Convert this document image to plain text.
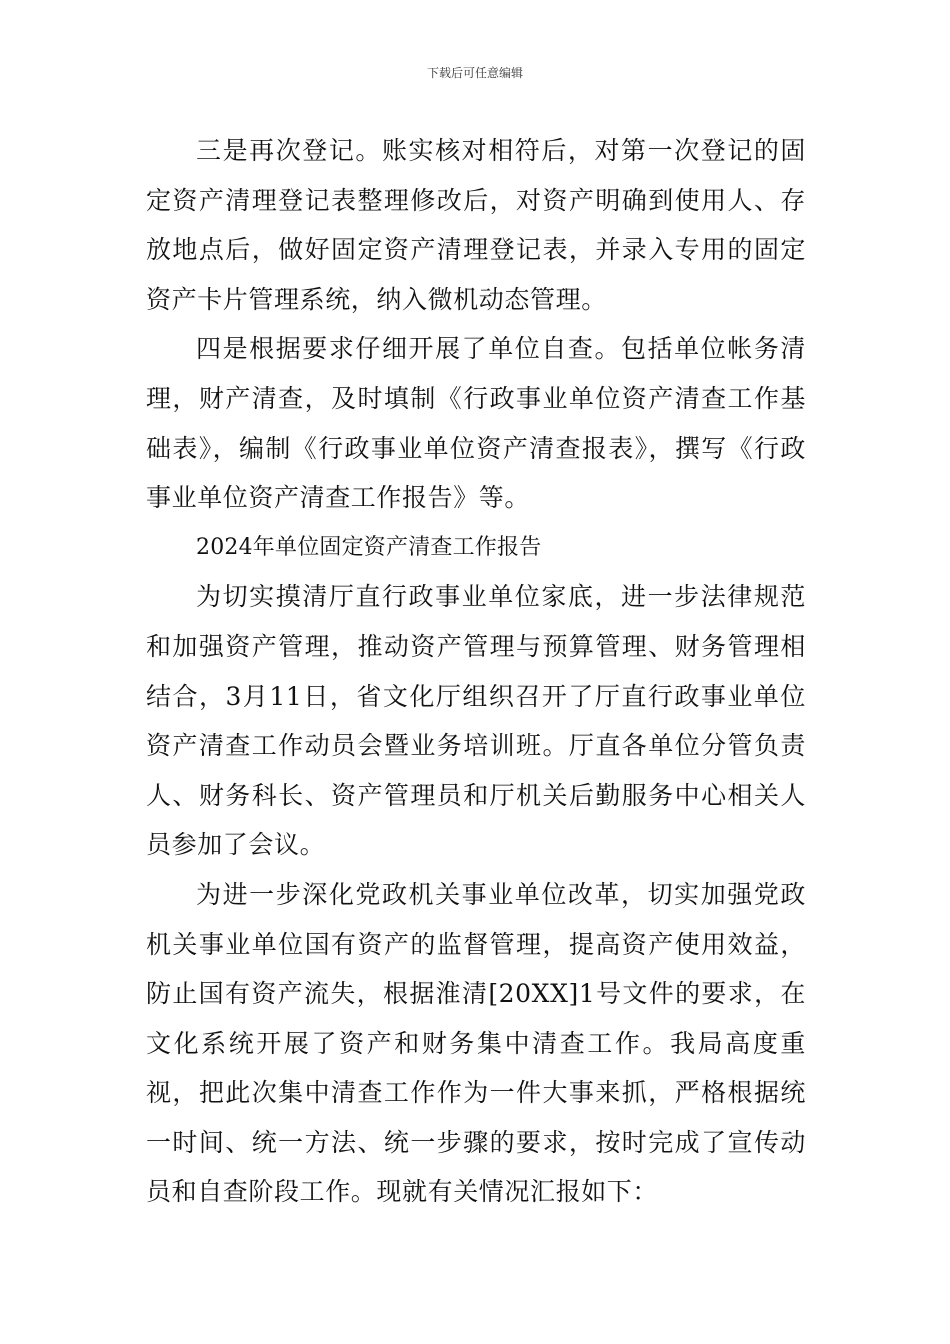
下载后可任意编辑

三是再次登记。账实核对相符后，对第一次登记的固定资产清理登记表整理修改后，对资产明确到使用人、存放地点后，做好固定资产清理登记表，并录入专用的固定资产卡片管理系统，纳入微机动态管理。

四是根据要求仔细开展了单位自查。包括单位帐务清理，财产清查，及时填制《行政事业单位资产清查工作基础表》，编制《行政事业单位资产清查报表》，撰写《行政事业单位资产清查工作报告》等。

2024年单位固定资产清查工作报告

为切实摸清厅直行政事业单位家底，进一步法律规范和加强资产管理，推动资产管理与预算管理、财务管理相结合，3月11日，省文化厅组织召开了厅直行政事业单位资产清查工作动员会暨业务培训班。厅直各单位分管负责人、财务科长、资产管理员和厅机关后勤服务中心相关人员参加了会议。

为进一步深化党政机关事业单位改革，切实加强党政机关事业单位国有资产的监督管理，提高资产使用效益，防止国有资产流失，根据淮清[20XX]1号文件的要求，在文化系统开展了资产和财务集中清查工作。我局高度重视，把此次集中清查工作作为一件大事来抓，严格根据统一时间、统一方法、统一步骤的要求，按时完成了宣传动员和自查阶段工作。现就有关情况汇报如下：
